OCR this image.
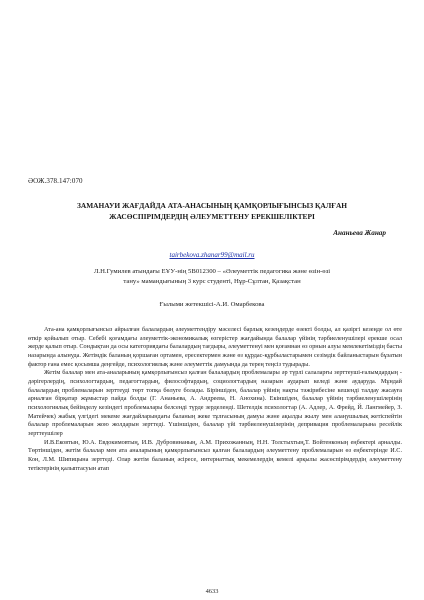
ӘОЖ.378.147:070
ЗАМАНАУИ ЖАҒДАЙДА АТА-АНАСЫНЫҢ ҚАМҚОРЛЫҒЫНСЫЗ ҚАЛҒАН
ЖАСӨСПІРІМДЕРДІҢ ӘЛЕУМЕТТЕНУ ЕРЕКШЕЛІКТЕРІ
Ананьева Жанар
tairbekova.zhanar99@mail.ru
Л.Н.Гумилев атындағы ЕҰУ-нің 5В012300 – «Әлеуметтік педагогика және өзін-өзі
тану» мамандығының 3 курс студенті, Нұр-Сұлтан, Қазақстан
Ғылыми жетекшісі-А.И. Омарбекова

Ата-ана қамқорлығынсыз айрылған балалардың әлеуметтендіру мәселесі барлық кезеңдерде өзекті болды, ал қазіргі кезеңде ол өте өткір қойылып отыр. Себебі қоғамдағы әлеуметтік-экономикалық өзгерістер жағдайында балалар үйінің тәрбиеленушілері ерекше осал жерде қалып отыр. Сондықтан да осы категориядағы балалардың тағдыры, әлеуметтенуі мен қоғамнан өз орнын алуы мемлекетіміздің басты назарында алынуда. Жетімдік баланың қоршаған ортамен, ересектермен және өз құрдас-құрбыластарымен сезімдік байланыстарын бұзатын фактор ғана емес қосымша деңгейде, психологиялық және әлеуметтік дамуында да терең теңсіз тудырады.

Жетім балалар мен ата-аналарының қамқорлығынсыз қалған балалардың проблемалары әр түрлі салаларғы зерттеуші-ғалымдардың - дәрігерлердің, психологтардың, педагогтардың, философтардың, социологтардың назарын аударып келеді және аударуда. Мұндай балалардың проблемаларын зерттеуді төрт топқа бөлуге болады. Біріншіден, балалар үйінің нақты тәжірибесіне кешенді талдау жасауға арналған бірқатар жұмыстар пайда болды (Г. Ананьева, А. Андреева, Н. Анохина). Екіншіден, балалар үйінің тәрбиеленушілерінің психологиялық бейімделу кезіндегі проблемалары белсенді түрде зерделенді. Шетелдік психологтар (А. Адлер, А. Фрейд, Й. Лангмейер, З. Матейчек) жабық үлгідегі мекеме жағдайларындағы баланың жеке тұлғасының дамуы және ақылды жылу мен алаңушылық жетіспейтін балалар проблемаларын жою жолдарын зерттеді. Үшіншіден, балалар үйі тәрбиеленушілерінің депривация проблемаларына ресейлік зерттеушілер

И.В.Ековтын, Ю.А. Евдокимовтың, И.В. Дубровинаның, А.М. Прихожанның, Н.Н. Толстыхтың,Т. Войтенконың еңбектері арналды. Төртіншіден, жетім балалар мен ата аналарының қамқорлығынсыз қалған балалардың әлеуметтену проблемаларын өз еңбектерінде И.С. Кон, Л.М. Шипицына зерттеді. Олар жетім баланың әсіресе, интернаттық мекемелердің кемелі арқылы жасөспірімдердің әлеуметтену тетіктерінің қалыптасуын атап

4633
